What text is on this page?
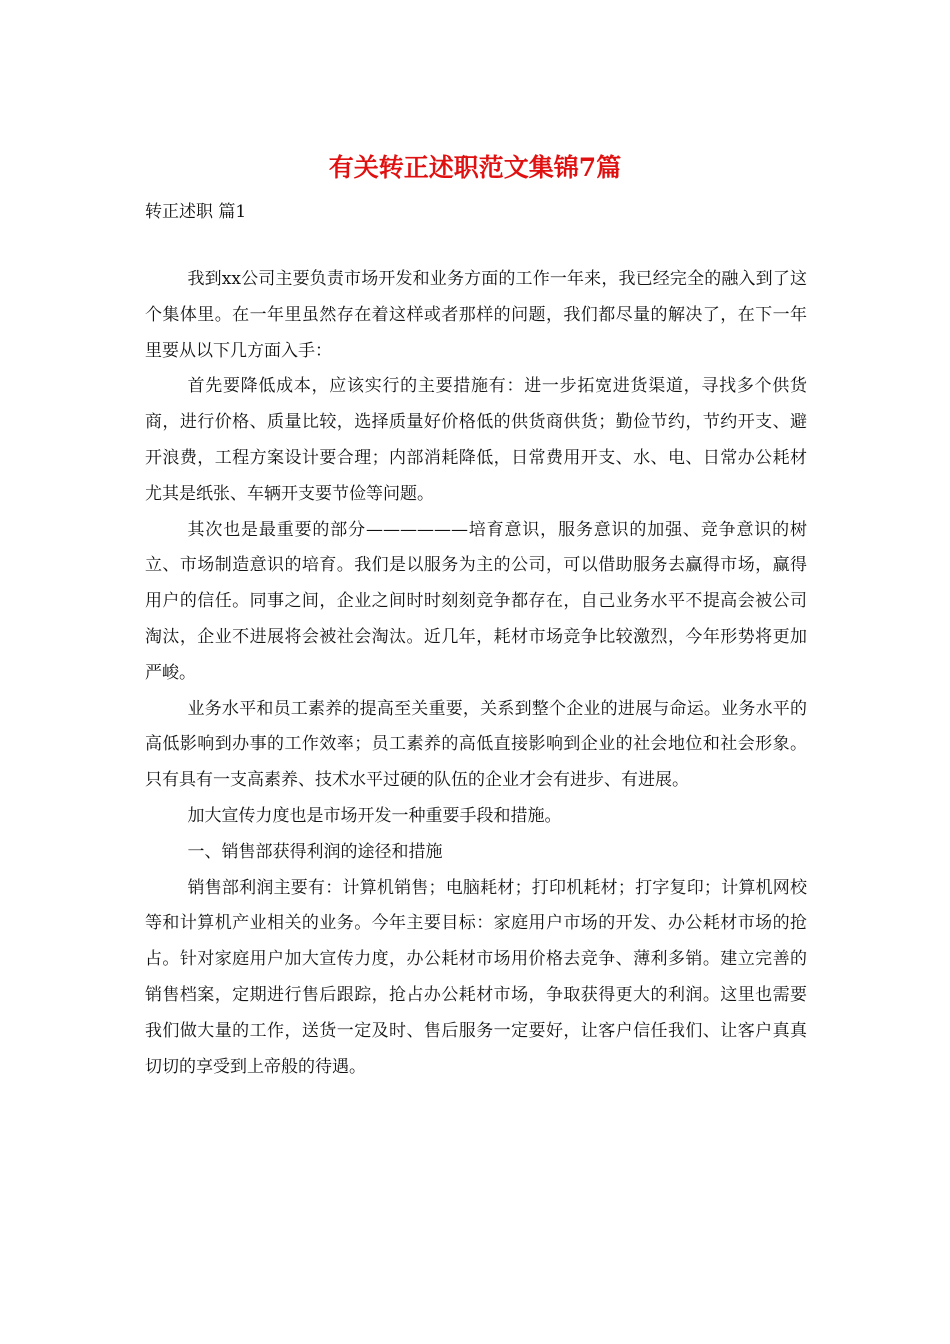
有关转正述职范文集锦7篇
转正述职 篇1

我到xx公司主要负责市场开发和业务方面的工作一年来，我已经完全的融入到了这个集体里。在一年里虽然存在着这样或者那样的问题，我们都尽量的解决了，在下一年里要从以下几方面入手：

首先要降低成本，应该实行的主要措施有：进一步拓宽进货渠道，寻找多个供货商，进行价格、质量比较，选择质量好价格低的供货商供货；勤俭节约，节约开支、避开浪费，工程方案设计要合理；内部消耗降低，日常费用开支、水、电、日常办公耗材尤其是纸张、车辆开支要节俭等问题。

其次也是最重要的部分——————培育意识，服务意识的加强、竞争意识的树立、市场制造意识的培育。我们是以服务为主的公司，可以借助服务去赢得市场，赢得用户的信任。同事之间，企业之间时时刻刻竞争都存在，自己业务水平不提高会被公司淘汰，企业不进展将会被社会淘汰。近几年，耗材市场竞争比较激烈，今年形势将更加严峻。

业务水平和员工素养的提高至关重要，关系到整个企业的进展与命运。业务水平的高低影响到办事的工作效率；员工素养的高低直接影响到企业的社会地位和社会形象。只有具有一支高素养、技术水平过硬的队伍的企业才会有进步、有进展。

加大宣传力度也是市场开发一种重要手段和措施。

一、销售部获得利润的途径和措施

销售部利润主要有：计算机销售；电脑耗材；打印机耗材；打字复印；计算机网校等和计算机产业相关的业务。今年主要目标：家庭用户市场的开发、办公耗材市场的抢占。针对家庭用户加大宣传力度，办公耗材市场用价格去竞争、薄利多销。建立完善的销售档案，定期进行售后跟踪，抢占办公耗材市场，争取获得更大的利润。这里也需要我们做大量的工作，送货一定及时、售后服务一定要好，让客户信任我们、让客户真真切切的享受到上帝般的待遇。
